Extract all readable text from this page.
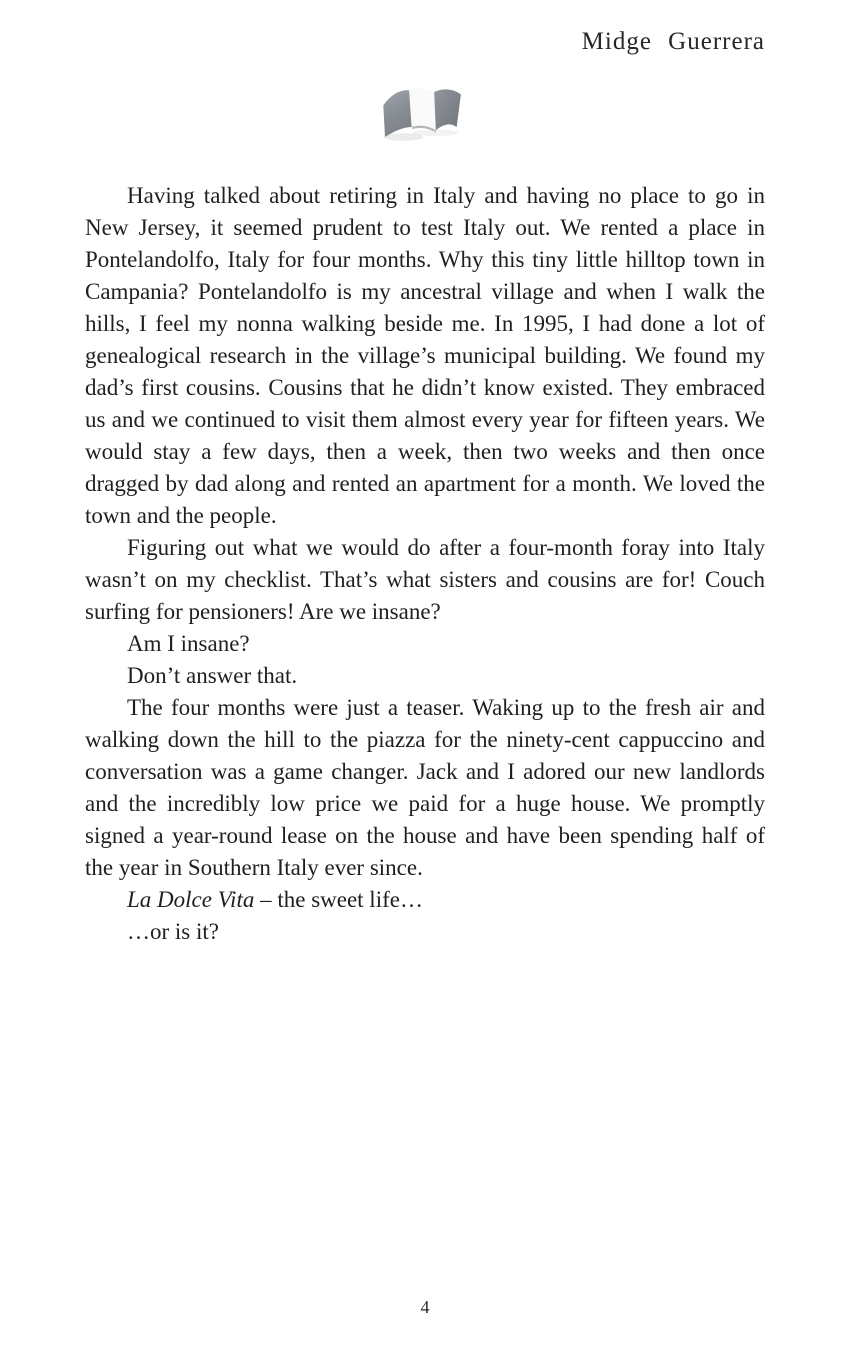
Midge Guerrera

Having talked about retiring in Italy and having no place to go in New Jersey, it seemed prudent to test Italy out. We rented a place in Pontelandolfo, Italy for four months. Why this tiny little hilltop town in Campania? Pontelandolfo is my ancestral village and when I walk the hills, I feel my nonna walking beside me. In 1995, I had done a lot of genealogical research in the village’s municipal building. We found my dad’s first cousins. Cousins that he didn’t know existed. They embraced us and we continued to visit them almost every year for fifteen years. We would stay a few days, then a week, then two weeks and then once dragged by dad along and rented an apartment for a month. We loved the town and the people.

Figuring out what we would do after a four-month foray into Italy wasn’t on my checklist. That’s what sisters and cousins are for! Couch surfing for pensioners! Are we insane?

Am I insane?

Don’t answer that.

The four months were just a teaser. Waking up to the fresh air and walking down the hill to the piazza for the ninety-cent cappuccino and conversation was a game changer. Jack and I adored our new landlords and the incredibly low price we paid for a huge house. We promptly signed a year-round lease on the house and have been spending half of the year in Southern Italy ever since.

La Dolce Vita – the sweet life…

…or is it?

4
